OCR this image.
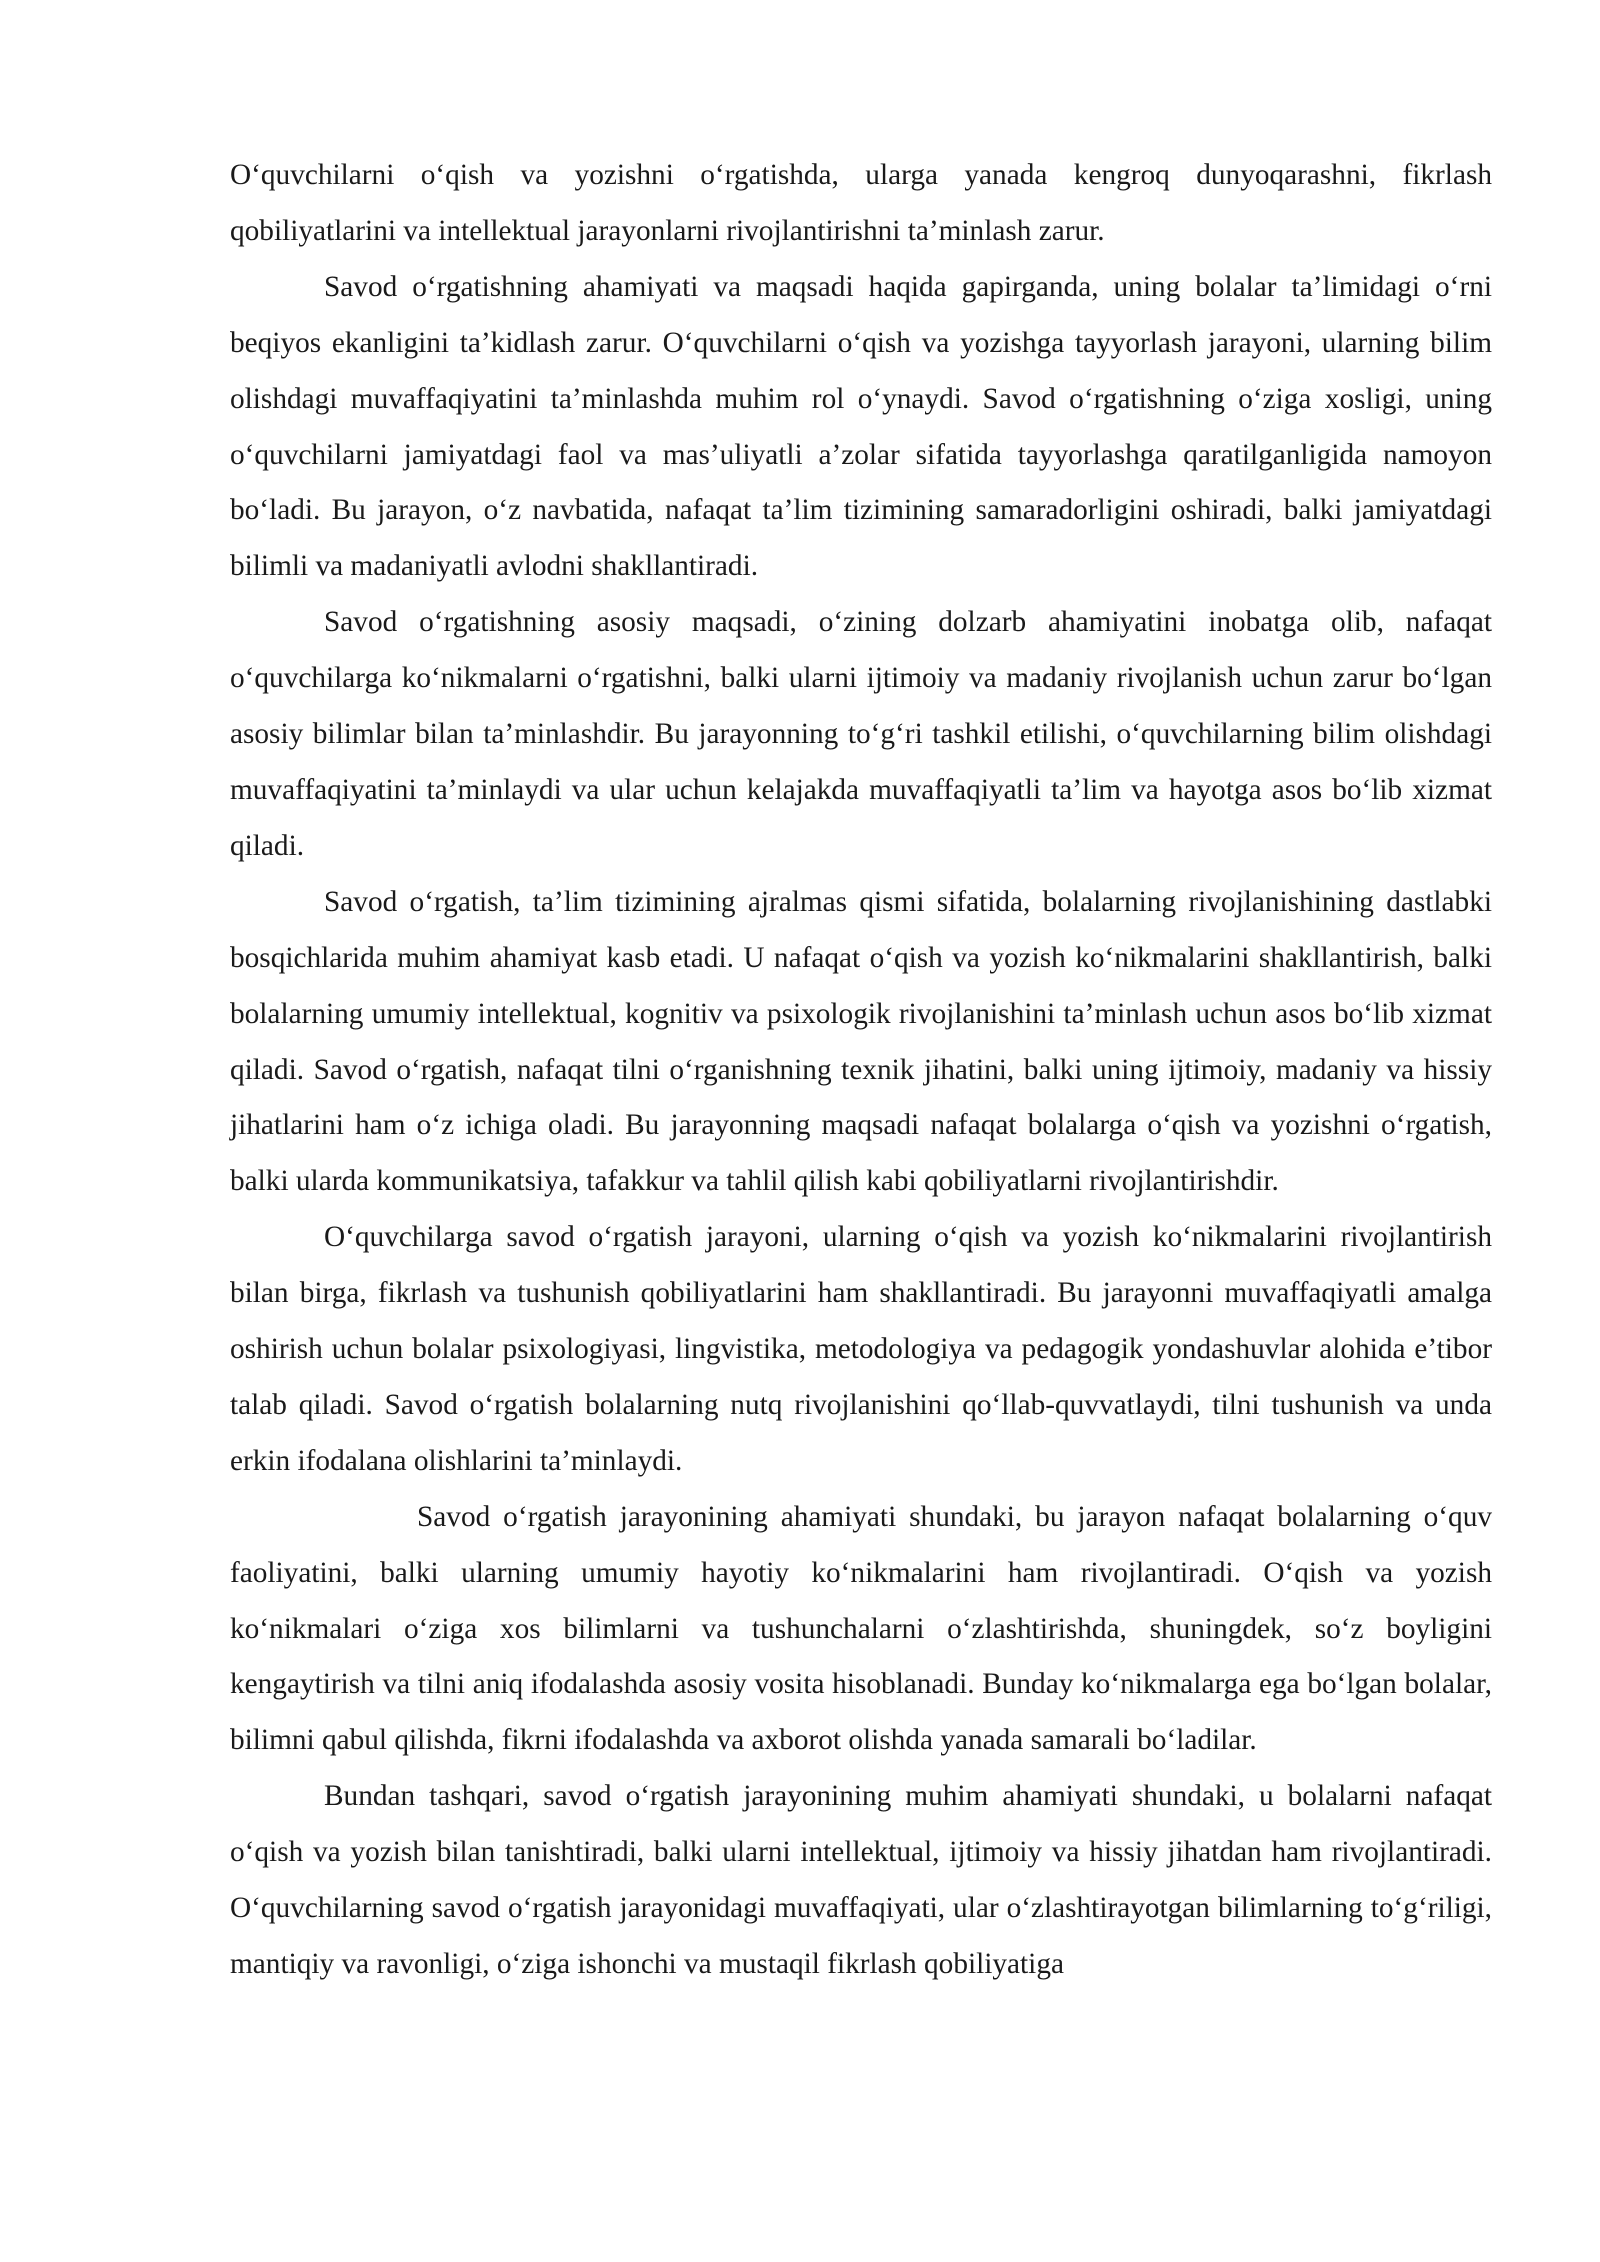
O‘quvchilarni o‘qish va yozishni o‘rgatishda, ularga yanada kengroq dunyoqarashni, fikrlash qobiliyatlarini va intellektual jarayonlarni rivojlantirishni ta’minlash zarur.

Savod o‘rgatishning ahamiyati va maqsadi haqida gapirganda, uning bolalar ta’limidagi o‘rni beqiyos ekanligini ta’kidlash zarur. O‘quvchilarni o‘qish va yozishga tayyorlash jarayoni, ularning bilim olishdagi muvaffaqiyatini ta’minlashda muhim rol o‘ynaydi. Savod o‘rgatishning o‘ziga xosligi, uning o‘quvchilarni jamiyatdagi faol va mas’uliyatli a’zolar sifatida tayyorlashga qaratilganligida namoyon bo‘ladi. Bu jarayon, o‘z navbatida, nafaqat ta’lim tizimining samaradorligini oshiradi, balki jamiyatdagi bilimli va madaniyatli avlodni shakllantiradi.

Savod o‘rgatishning asosiy maqsadi, o‘zining dolzarb ahamiyatini inobatga olib, nafaqat o‘quvchilarga ko‘nikmalarni o‘rgatishni, balki ularni ijtimoiy va madaniy rivojlanish uchun zarur bo‘lgan asosiy bilimlar bilan ta’minlashdir. Bu jarayonning to‘g‘ri tashkil etilishi, o‘quvchilarning bilim olishdagi muvaffaqiyatini ta’minlaydi va ular uchun kelajakda muvaffaqiyatli ta’lim va hayotga asos bo‘lib xizmat qiladi.

Savod o‘rgatish, ta’lim tizimining ajralmas qismi sifatida, bolalarning rivojlanishining dastlabki bosqichlarida muhim ahamiyat kasb etadi. U nafaqat o‘qish va yozish ko‘nikmalarini shakllantirish, balki bolalarning umumiy intellektual, kognitiv va psixologik rivojlanishini ta’minlash uchun asos bo‘lib xizmat qiladi. Savod o‘rgatish, nafaqat tilni o‘rganishning texnik jihatini, balki uning ijtimoiy, madaniy va hissiy jihatlarini ham o‘z ichiga oladi. Bu jarayonning maqsadi nafaqat bolalarga o‘qish va yozishni o‘rgatish, balki ularda kommunikatsiya, tafakkur va tahlil qilish kabi qobiliyatlarni rivojlantirishdir.

O‘quvchilarga savod o‘rgatish jarayoni, ularning o‘qish va yozish ko‘nikmalarini rivojlantirish bilan birga, fikrlash va tushunish qobiliyatlarini ham shakllantiradi. Bu jarayonni muvaffaqiyatli amalga oshirish uchun bolalar psixologiyasi, lingvistika, metodologiya va pedagogik yondashuvlar alohida e’tibor talab qiladi. Savod o‘rgatish bolalarning nutq rivojlanishini qo‘llab-quvvatlaydi, tilni tushunish va unda erkin ifodalana olishlarini ta’minlaydi.

Savod o‘rgatish jarayonining ahamiyati shundaki, bu jarayon nafaqat bolalarning o‘quv faoliyatini, balki ularning umumiy hayotiy ko‘nikmalarini ham rivojlantiradi. O‘qish va yozish ko‘nikmalari o‘ziga xos bilimlarni va tushunchalarni o‘zlashtirishda, shuningdek, so‘z boyligini kengaytirish va tilni aniq ifodalashda asosiy vosita hisoblanadi. Bunday ko‘nikmalarga ega bo‘lgan bolalar, bilimni qabul qilishda, fikrni ifodalashda va axborot olishda yanada samarali bo‘ladilar.

Bundan tashqari, savod o‘rgatish jarayonining muhim ahamiyati shundaki, u bolalarni nafaqat o‘qish va yozish bilan tanishtiradi, balki ularni intellektual, ijtimoiy va hissiy jihatdan ham rivojlantiradi. O‘quvchilarning savod o‘rgatish jarayonidagi muvaffaqiyati, ular o‘zlashtirayotgan bilimlarning to‘g‘riligi, mantiqiy va ravonligi, o‘ziga ishonchi va mustaqil fikrlash qobiliyatiga
